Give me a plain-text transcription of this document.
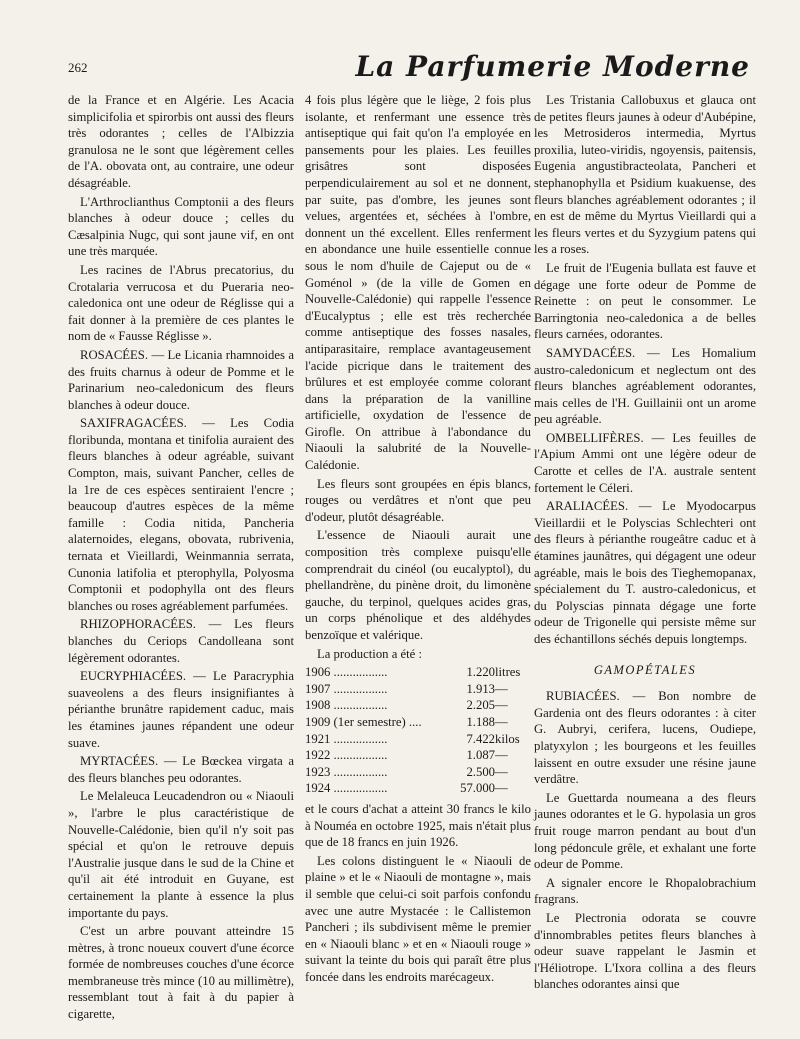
262	La Parfumerie Moderne

de la France et en Algérie. Les Acacia simplicifolia et spirorbis ont aussi des fleurs très odorantes ; celles de l'Albizzia granulosa ne le sont que légèrement celles de l'A. obovata ont, au contraire, une odeur désagréable.

L'Arthroclianthus Comptonii a des fleurs blanches à odeur douce ; celles du Cæsalpinia Nugc, qui sont jaune vif, en ont une très marquée.

Les racines de l'Abrus precatorius, du Crotalaria verrucosa et du Pueraria neo-caledonica ont une odeur de Réglisse qui a fait donner à la première de ces plantes le nom de « Fausse Réglisse ».

ROSACÉES. — Le Licania rhamnoides a des fruits charnus à odeur de Pomme et le Parinarium neo-caledonicum des fleurs blanches à odeur douce.

SAXIFRAGACÉES. — Les Codia floribunda, montana et tinifolia auraient des fleurs blanches à odeur agréable, suivant Compton, mais, suivant Pancher, celles de la 1re de ces espèces sentiraient l'encre ; beaucoup d'autres espèces de la même famille : Codia nitida, Pancheria alaternoides, elegans, obovata, rubrivenia, ternata et Vieillardi, Weinmannia serrata, Cunonia latifolia et pterophylla, Polyosma Comptonii et podophylla ont des fleurs blanches ou roses agréablement parfumées.

RHIZOPHORACÉES. — Les fleurs blanches du Ceriops Candolleana sont légèrement odorantes.

EUCRYPHIACÉES. — Le Paracryphia suaveolens a des fleurs insignifiantes à périanthe brunâtre rapidement caduc, mais les étamines jaunes répandent une odeur suave.

MYRTACÉES. — Le Bœckea virgata a des fleurs blanches peu odorantes.

Le Melaleuca Leucadendron ou « Niaouli », l'arbre le plus caractéristique de Nouvelle-Calédonie, bien qu'il n'y soit pas spécial et qu'on le retrouve depuis l'Australie jusque dans le sud de la Chine et qu'il ait été introduit en Guyane, est certainement la plante à essence la plus importante du pays.

C'est un arbre pouvant atteindre 15 mètres, à tronc noueux couvert d'une écorce formée de nombreuses couches d'une écorce membraneuse très mince (10 au millimètre), ressemblant tout à fait à du papier à cigarette,

4 fois plus légère que le liège, 2 fois plus isolante, et renfermant une essence très antiseptique qui fait qu'on l'a employée en pansements pour les plaies. Les feuilles grisâtres sont disposées perpendiculairement au sol et ne donnent, par suite, pas d'ombre, les jeunes sont velues, argentées et, séchées à l'ombre, donnent un thé excellent. Elles renferment en abondance une huile essentielle connue sous le nom d'huile de Cajeput ou de « Goménol » (de la ville de Gomen en Nouvelle-Calédonie) qui rappelle l'essence d'Eucalyptus ; elle est très recherchée comme antiseptique des fosses nasales, antiparasitaire, remplace avantageusement l'acide picrique dans le traitement des brûlures et est employée comme colorant dans la préparation de la vanilline artificielle, oxydation de l'essence de Girofle. On attribue à l'abondance du Niaouli la salubrité de la Nouvelle-Calédonie.

Les fleurs sont groupées en épis blancs, rouges ou verdâtres et n'ont que peu d'odeur, plutôt désagréable.

L'essence de Niaouli aurait une composition très complexe puisqu'elle comprendrait du cinéol (ou eucalyptol), du phellandrène, du pinène droit, du limonène gauche, du terpinol, quelques acides gras, un corps phénolique et des aldéhydes benzoïque et valérique.

La production a été :

1906 .................	1.220	litres
1907 .................	1.913	—
1908 .................	2.205	—
1909 (1er semestre) ....	1.188	—
1921 .................	7.422	kilos
1922 .................	1.087	—
1923 .................	2.500	—
1924 .................	57.000	—

et le cours d'achat a atteint 30 francs le kilo à Nouméa en octobre 1925, mais n'était plus que de 18 francs en juin 1926.

Les colons distinguent le « Niaouli de plaine » et le « Niaouli de montagne », mais il semble que celui-ci soit parfois confondu avec une autre Mystacée : le Callistemon Pancheri ; ils subdivisent même le premier en « Niaouli blanc » et en « Niaouli rouge » suivant la teinte du bois qui paraît être plus foncée dans les endroits marécageux.

Les Tristania Callobuxus et glauca ont de petites fleurs jaunes à odeur d'Aubépine, les Metrosideros intermedia, Myrtus proxilia, luteo-viridis, ngoyensis, paitensis, Eugenia angustibracteolata, Pancheri et stephanophylla et Psidium kuakuense, des fleurs blanches agréablement odorantes ; il en est de même du Myrtus Vieillardi qui a les fleurs vertes et du Syzygium patens qui les a roses.

Le fruit de l'Eugenia bullata est fauve et dégage une forte odeur de Pomme de Reinette : on peut le consommer. Le Barringtonia neo-caledonica a de belles fleurs carnées, odorantes.

SAMYDACÉES. — Les Homalium austro-caledonicum et neglectum ont des fleurs blanches agréablement odorantes, mais celles de l'H. Guillainii ont un arome peu agréable.

OMBELLIFÈRES. — Les feuilles de l'Apium Ammi ont une légère odeur de Carotte et celles de l'A. australe sentent fortement le Céleri.

ARALIACÉES. — Le Myodocarpus Vieillardii et le Polyscias Schlechteri ont des fleurs à périanthe rougeâtre caduc et à étamines jaunâtres, qui dégagent une odeur agréable, mais le bois des Tieghemopanax, spécialement du T. austro-caledonicus, et du Polyscias pinnata dégage une forte odeur de Trigonelle qui persiste même sur des échantillons séchés depuis longtemps.

GAMOPÉTALES

RUBIACÉES. — Bon nombre de Gardenia ont des fleurs odorantes : à citer G. Aubryi, cerifera, lucens, Oudiepe, platyxylon ; les bourgeons et les feuilles laissent en outre exsuder une résine jaune verdâtre.

Le Guettarda noumeana a des fleurs jaunes odorantes et le G. hypolasia un gros fruit rouge marron pendant au bout d'un long pédoncule grêle, et exhalant une forte odeur de Pomme.

A signaler encore le Rhopalobrachium fragrans.

Le Plectronia odorata se couvre d'innombrables petites fleurs blanches à odeur suave rappelant le Jasmin et l'Héliotrope. L'Ixora collina a des fleurs blanches odorantes ainsi que
